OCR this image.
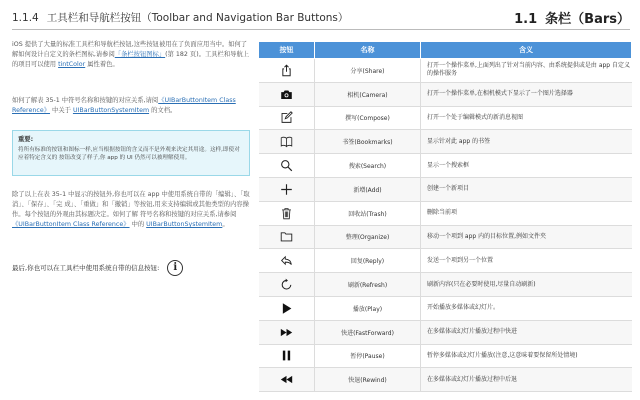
1.1.4 工具栏和导航栏按钮（Toolbar and Navigation Bar Buttons）	1.1 条栏（Bars）
iOS 提供了大量的标准工具栏和导航栏按钮,这些按钮被用在了负面应用当中。如何了解如何设计自定义的条栏图标,请参阅「条栏按钮图标」(第 182 页)。工具栏和导航上的项目可以使用 tintColor 属性着色。
如何了解表 35-1 中符号名称和按键的对应关系,请阅《UIBarButtonItem Class Reference》 中关于 UIBarButtonSystemItem 的文档。
重要:
将所有标准的按钮和图标一样,应当根据按钮的含义而不是外观来决定其用途。这样,即使对应着特定含义的 按钮改变了样子,你 app 的 UI 仍然可以被理解使用。
除了以上在表 35-1 中显示的按钮外,你也可以在 app 中使用系统自带的「编辑」、「取消」、「保存」、「完 成」、「重做」和「撤销」等按钮,用来支持编辑或其他类型的内容操作。每个按钮的外观由其标题决定。如何了解 符号名称和按键的对应关系,请参阅《UIBarButtonItem Class Reference》 中的 UIBarButtonSystemItem。
最后,你也可以在工具栏中使用系统自带的信息按钮:	i
按钮	名称	含义

	分享(Share)	打开一个操作菜单,上面列出了针对当前内容、由系统提供或是由 app 自定义的操作服务

	相机(Camera)	打开一个操作菜单,在相机模式下显示了一个图片选择器

	撰写(Compose)	打开一个处于编辑模式的新消息视图

	书签(Bookmarks)	显示针对此 app 的书签

	搜索(Search)	显示一个搜索框

	新增(Add)	创建一个新项目

	回收站(Trash)	删除当前项

	整理(Organize)	移动一个项到 app 内的目标位置,例如文件夹

	回复(Reply)	发送一个项到另一个位置

	刷新(Refresh)	刷新内容(只在必要时使用,尽量自动刷新)

	播放(Play)	开始播放多媒体或幻灯片。

	快进(FastForward)	在多媒体或幻灯片播放过程中快进

	暂停(Pause)	暂停多媒体或幻灯片播放(注意,这意味着要保留所处情境)

	快退(Rewind)	在多媒体或幻灯片播放过程中后退
